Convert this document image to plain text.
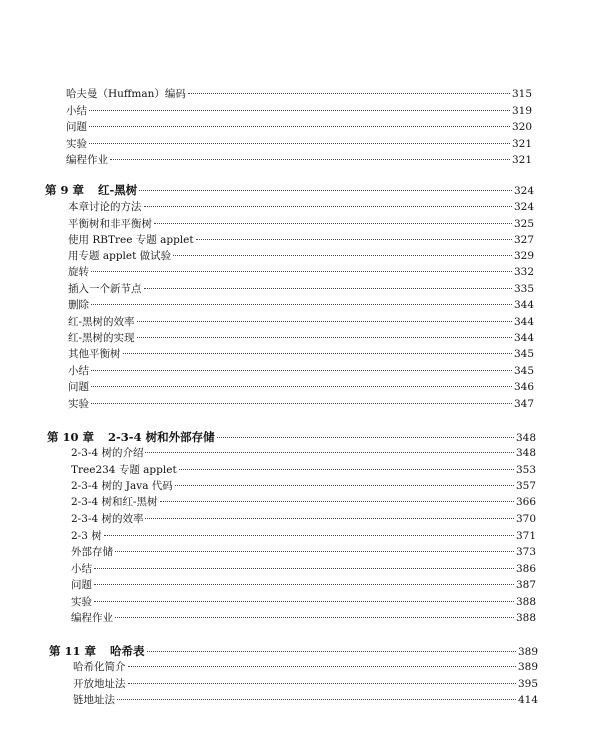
哈夫曼（Huffman）编码	315
小结	319
问题	320
实验	321
编程作业	321
第 9 章 红-黑树	324
本章讨论的方法	324
平衡树和非平衡树	325
使用 RBTree 专题 applet	327
用专题 applet 做试验	329
旋转	332
插入一个新节点	335
删除	344
红-黑树的效率	344
红-黑树的实现	344
其他平衡树	345
小结	345
问题	346
实验	347
第 10 章 2-3-4 树和外部存储	348
2-3-4 树的介绍	348
Tree234 专题 applet	353
2-3-4 树的 Java 代码	357
2-3-4 树和红-黑树	366
2-3-4 树的效率	370
2-3 树	371
外部存储	373
小结	386
问题	387
实验	388
编程作业	388
第 11 章 哈希表	389
哈希化简介	389
开放地址法	395
链地址法	414
